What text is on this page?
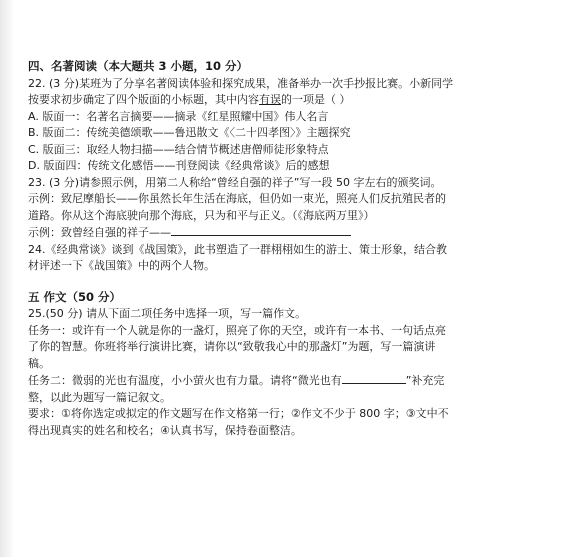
四、名著阅读（本大题共 3 小题，10 分）
22. (3 分)某班为了分享名著阅读体验和探究成果，准备举办一次手抄报比赛。小新同学
按要求初步确定了四个版面的小标题，其中内容有误的一项是（ ）
A. 版面一：名著名言摘要——摘录《红星照耀中国》伟人名言
B. 版面二：传统美德颂歌——鲁迅散文《〈二十四孝图〉》主题探究
C. 版面三：取经人物扫描——结合情节概述唐僧师徒形象特点
D. 版面四：传统文化感悟——刊登阅读《经典常谈》后的感想
23. (3 分)请参照示例，用第二人称给“曾经自强的祥子”写一段 50 字左右的颁奖词。
示例：致尼摩船长——你虽然长年生活在海底，但仍如一束光，照亮人们反抗殖民者的
道路。你从这个海底驶向那个海底，只为和平与正义。（《海底两万里》）
示例：致曾经自强的祥子——
24.《经典常谈》谈到《战国策》，此书塑造了一群栩栩如生的游士、策士形象，结合教
材评述一下《战国策》中的两个人物。
五 作文（50 分）
25.(50 分) 请从下面二项任务中选择一项，写一篇作文。
任务一：或许有一个人就是你的一盏灯，照亮了你的天空，或许有一本书、一句话点亮
了你的智慧。你班将举行演讲比赛，请你以“致敬我心中的那盏灯”为题，写一篇演讲
稿。
任务二：微弱的光也有温度，小小萤火也有力量。请将“微光也有	”补充完
整，以此为题写一篇记叙文。
要求：①将你选定或拟定的作文题写在作文格第一行；②作文不少于 800 字；③文中不
得出现真实的姓名和校名；④认真书写，保持卷面整洁。
